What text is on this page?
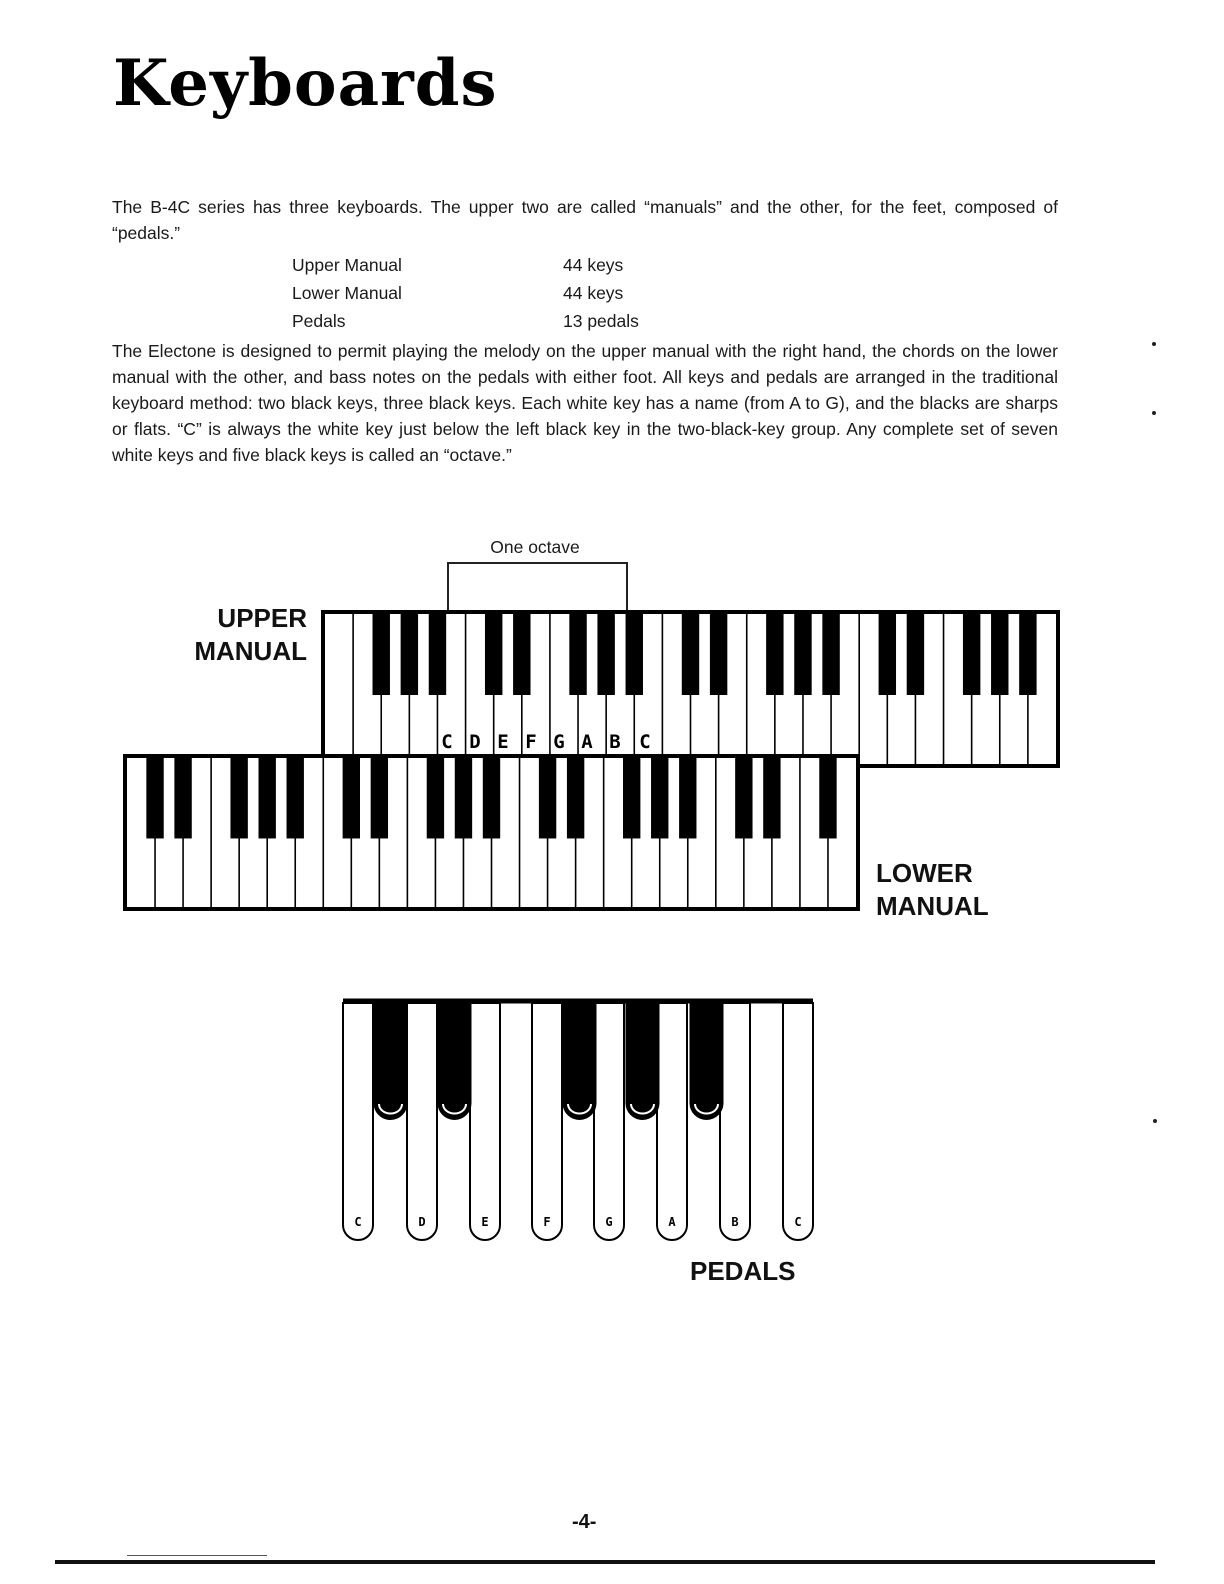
Keyboards

The B-4C series has three keyboards. The upper two are called “manuals” and the other, for the feet, composed of “pedals.”

Upper Manual	44 keys
Lower Manual	44 keys
Pedals	13 pedals

The Electone is designed to permit playing the melody on the upper manual with the right hand, the chords on the lower manual with the other, and bass notes on the pedals with either foot. All keys and pedals are arranged in the traditional keyboard method: two black keys, three black keys. Each white key has a name (from A to G), and the blacks are sharps or flats. “C” is always the white key just below the left black key in the two-black-key group. Any complete set of seven white keys and five black keys is called an “octave.”

One octave
UPPER
MANUAL
C D E F G A B C
LOWER
MANUAL
C	D	E	F	G	A	B	C
PEDALS
-4-
